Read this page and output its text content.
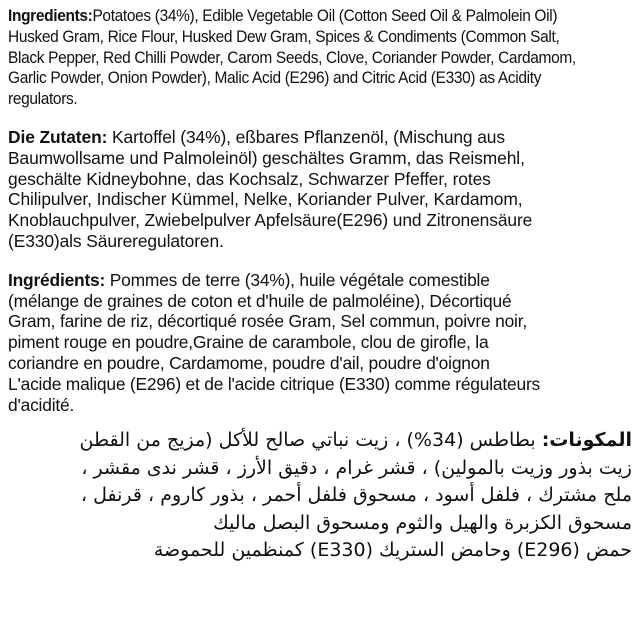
Ingredients:Potatoes (34%), Edible Vegetable Oil (Cotton Seed Oil & Palmolein Oil)
Husked Gram, Rice Flour, Husked Dew Gram, Spices & Condiments (Common Salt,
Black Pepper, Red Chilli Powder, Carom Seeds, Clove, Coriander Powder, Cardamom,
Garlic Powder, Onion Powder), Malic Acid (E296) and Citric Acid (E330) as Acidity
regulators.

Die Zutaten: Kartoffel (34%), eßbares Pflanzenöl, (Mischung aus
Baumwollsame und Palmoleinöl) geschältes Gramm, das Reismehl,
geschälte Kidneybohne, das Kochsalz, Schwarzer Pfeffer, rotes
Chilipulver, Indischer Kümmel, Nelke, Koriander Pulver, Kardamom,
Knoblauchpulver, Zwiebelpulver Apfelsäure(E296) und Zitronensäure
(E330)als Säureregulatoren.

Ingrédients: Pommes de terre (34%), huile végétale comestible
(mélange de graines de coton et d'huile de palmoléine), Décortiqué
Gram, farine de riz, décortiqué rosée Gram, Sel commun, poivre noir,
piment rouge en poudre,Graine de carambole, clou de girofle, la
coriandre en poudre, Cardamome, poudre d'ail, poudre d'oignon
L'acide malique (E296) et de l'acide citrique (E330) comme régulateurs
d'acidité.

المكونات: بطاطس (34%) ، زيت نباتي صالح للأكل (مزيج من القطن
زيت بذور وزيت بالمولين) ، قشر غرام ، دقيق الأرز ، قشر ندى مقشر ،
ملح مشترك ، فلفل أسود ، مسحوق فلفل أحمر ، بذور كاروم ، قرنفل ،
مسحوق الكزبرة والهيل والثوم ومسحوق البصل ماليك
حمض (E296) وحامض الستريك (E330) كمنظمين للحموضة
